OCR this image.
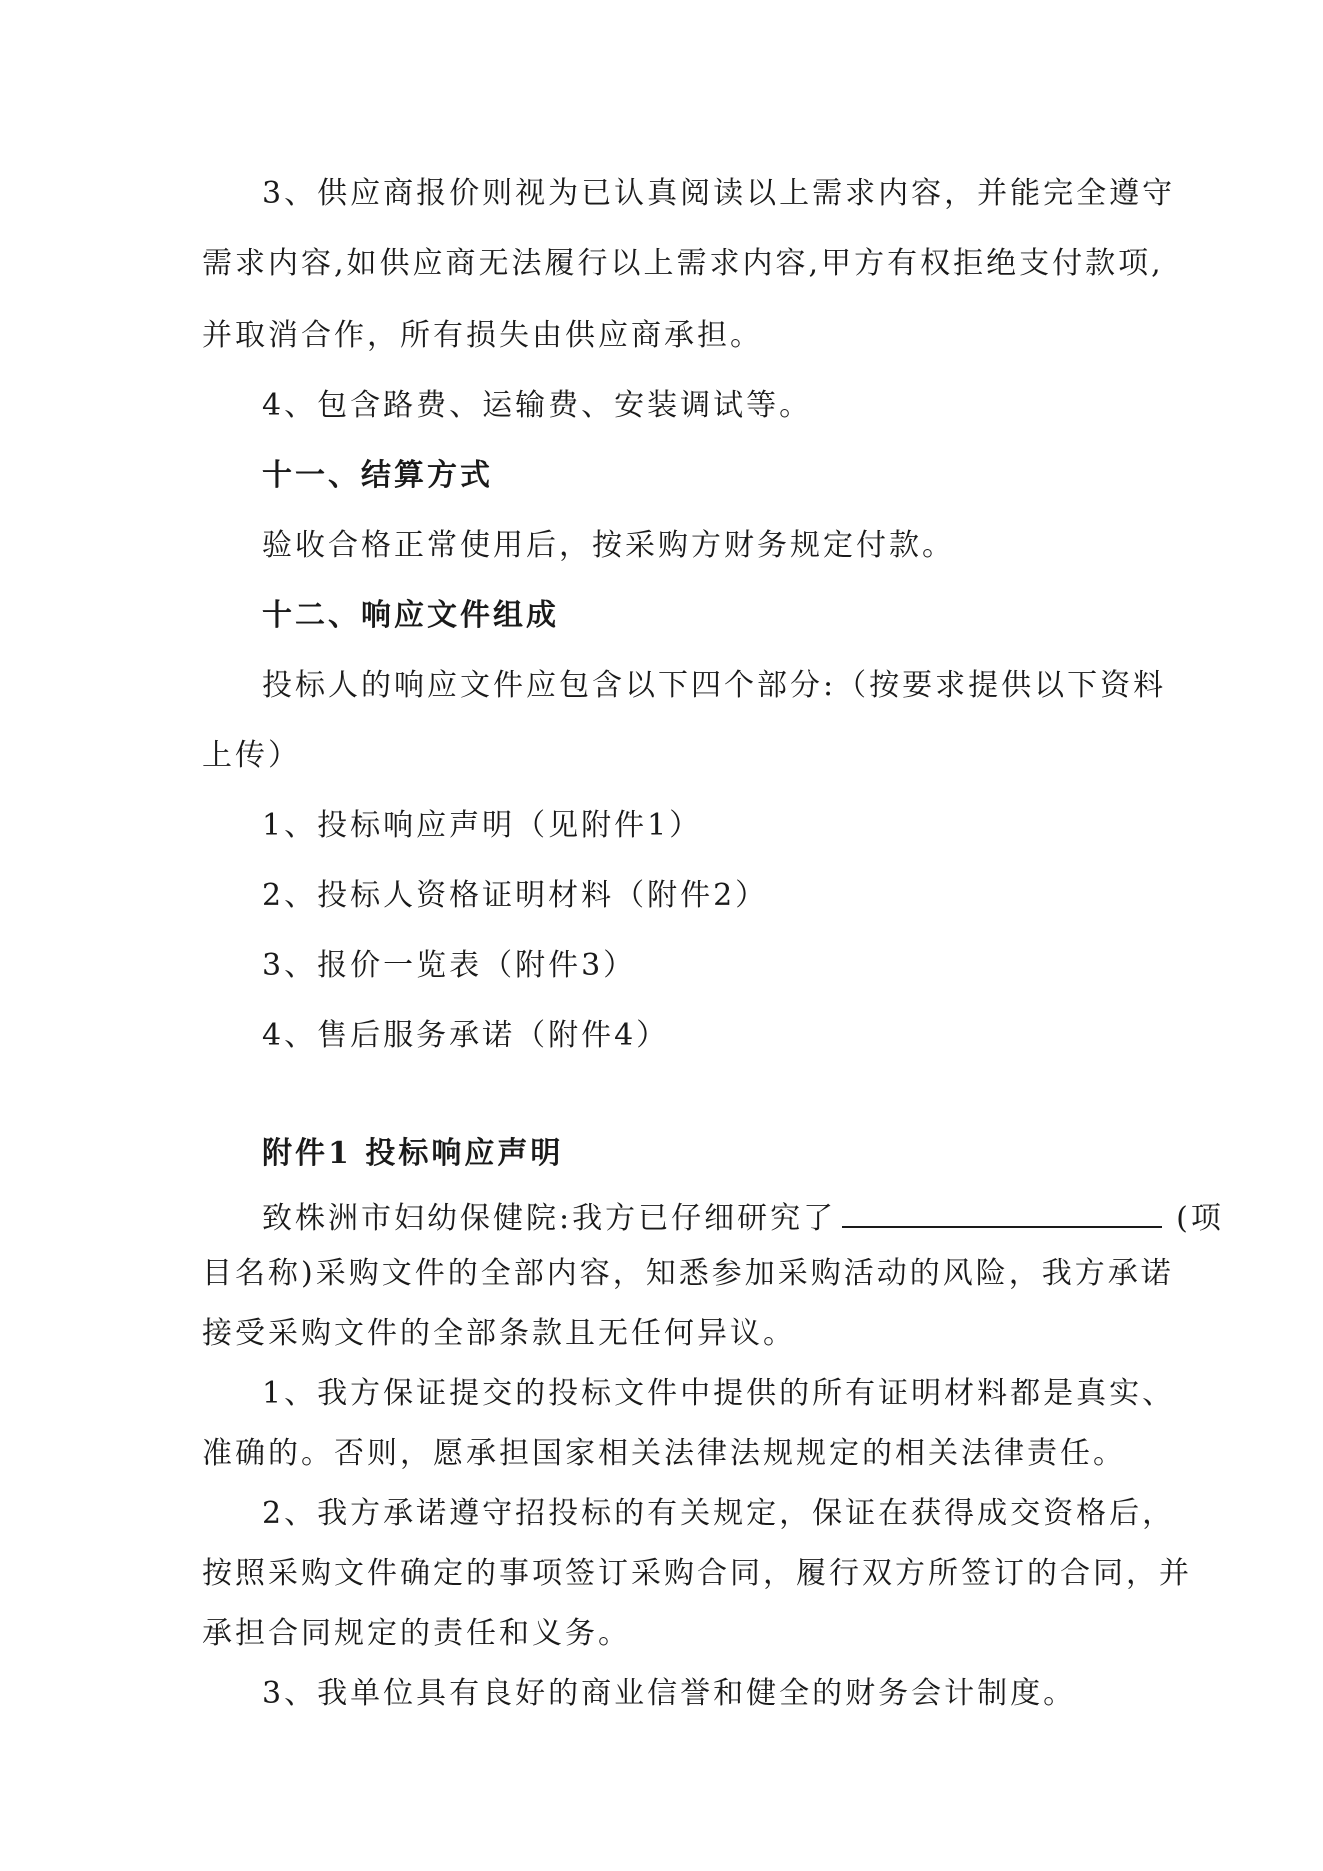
3、供应商报价则视为已认真阅读以上需求内容，并能完全遵守
需求内容,如供应商无法履行以上需求内容,甲方有权拒绝支付款项,
并取消合作，所有损失由供应商承担。
4、包含路费、运输费、安装调试等。
十一、结算方式
验收合格正常使用后，按采购方财务规定付款。
十二、响应文件组成
投标人的响应文件应包含以下四个部分:（按要求提供以下资料
上传）
1、投标响应声明（见附件1）
2、投标人资格证明材料（附件2）
3、报价一览表（附件3）
4、售后服务承诺（附件4）
附件1 投标响应声明
致株洲市妇幼保健院:我方已仔细研究了	(项
目名称)采购文件的全部内容，知悉参加采购活动的风险，我方承诺
接受采购文件的全部条款且无任何异议。
1、我方保证提交的投标文件中提供的所有证明材料都是真实、
准确的。否则，愿承担国家相关法律法规规定的相关法律责任。
2、我方承诺遵守招投标的有关规定，保证在获得成交资格后，
按照采购文件确定的事项签订采购合同，履行双方所签订的合同，并
承担合同规定的责任和义务。
3、我单位具有良好的商业信誉和健全的财务会计制度。
